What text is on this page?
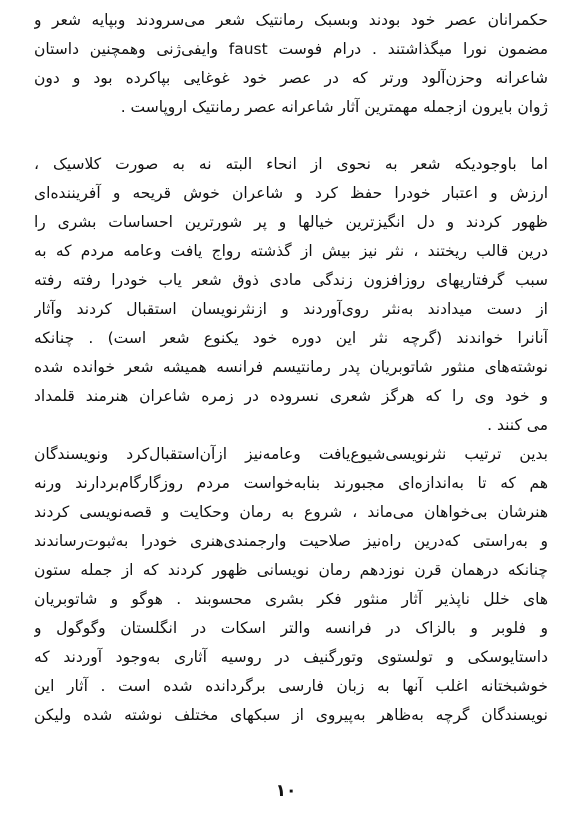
حکمرانان عصر خود بودند وبسبک رمانتیک شعر می‌سرودند وبپایه شعر و
مضمون نورا میگذاشتند . درام فوست faust وایفی‌ژنی وهمچنین داستان
شاعرانه وحزن‌آلود ورتر که در عصر خود غوغایی بپاکرده بود و دون
ژوان بایرون ازجمله مهمترین آثار شاعرانه عصر رمانتیک اروپاست .
اما باوجودیکه شعر به نحوی از انحاء البته نه به صورت کلاسیک ،
ارزش و اعتبار خودرا حفظ کرد و شاعران خوش قریحه و آفریننده‌ای
ظهور کردند و دل انگیزترین خیالها و پر شورترین احساسات بشری را
درین قالب ریختند ، نثر نیز بیش از گذشته رواج یافت وعامه مردم که به
سبب گرفتاریهای روزافزون زندگی مادی ذوق شعر یاب خودرا رفته رفته
از دست میدادند به‌نثر روی‌آوردند و ازنثرنویسان استقبال کردند وآثار
آنانرا خواندند (گرچه نثر این دوره خود یکنوع شعر است) . چنانکه
نوشته‌های منثور شاتوبریان پدر رمانتیسم فرانسه همیشه شعر خوانده شده
و خود وی را که هرگز شعری نسروده در زمره شاعران هنرمند قلمداد
می کنند .
بدین ترتیب نثرنویسی‌شیوع‌یافت وعامه‌نیز ازآن‌استقبال‌کرد ونویسندگان
هم که تا به‌اندازه‌ای مجبورند بنابه‌خواست مردم روزگارگام‌بردارند ورنه
هنرشان بی‌خواهان می‌ماند ، شروع به رمان وحکایت و قصه‌نویسی کردند
و به‌راستی که‌درین راه‌نیز صلاحیت وارجمندی‌هنری خودرا به‌ثبوت‌رساندند
چنانکه درهمان قرن نوزدهم رمان نویسانی ظهور کردند که از جمله ستون
های خلل ناپذیر آثار منثور فکر بشری محسوبند . هوگو و شاتوبریان
و فلوبر و بالزاک در فرانسه والتر اسکات در انگلستان وگوگول و
داستایوسکی و تولستوی وتورگنیف در روسیه آثاری به‌وجود آوردند که
خوشبختانه اغلب آنها به زبان فارسی برگردانده شده است . آثار این
نویسندگان گرچه به‌ظاهر به‌پیروی از سبکهای مختلف نوشته شده ولیکن
۱۰
